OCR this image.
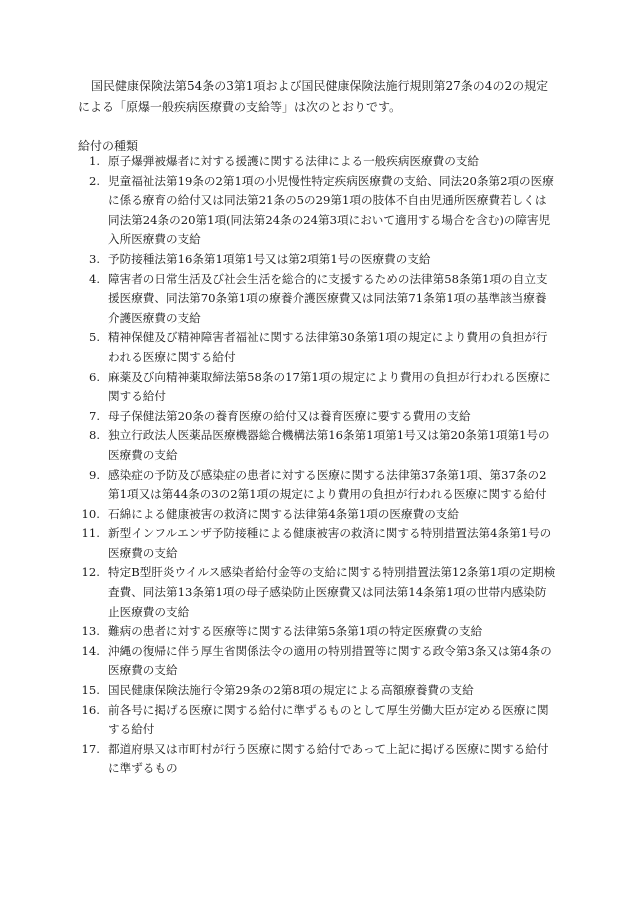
国民健康保険法第54条の3第1項および国民健康保険法施行規則第27条の4の2の規定による「原爆一般疾病医療費の支給等」は次のとおりです。

給付の種類

1. 原子爆弾被爆者に対する援護に関する法律による一般疾病医療費の支給
2. 児童福祉法第19条の2第1項の小児慢性特定疾病医療費の支給、同法20条第2項の医療に係る療育の給付又は同法第21条の5の29第1項の肢体不自由児通所医療費若しくは同法第24条の20第1項(同法第24条の24第3項において適用する場合を含む)の障害児入所医療費の支給
3. 予防接種法第16条第1項第1号又は第2項第1号の医療費の支給
4. 障害者の日常生活及び社会生活を総合的に支援するための法律第58条第1項の自立支援医療費、同法第70条第1項の療養介護医療費又は同法第71条第1項の基準該当療養介護医療費の支給
5. 精神保健及び精神障害者福祉に関する法律第30条第1項の規定により費用の負担が行われる医療に関する給付
6. 麻薬及び向精神薬取締法第58条の17第1項の規定により費用の負担が行われる医療に関する給付
7. 母子保健法第20条の養育医療の給付又は養育医療に要する費用の支給
8. 独立行政法人医薬品医療機器総合機構法第16条第1項第1号又は第20条第1項第1号の医療費の支給
9. 感染症の予防及び感染症の患者に対する医療に関する法律第37条第1項、第37条の2第1項又は第44条の3の2第1項の規定により費用の負担が行われる医療に関する給付
10. 石綿による健康被害の救済に関する法律第4条第1項の医療費の支給
11. 新型インフルエンザ予防接種による健康被害の救済に関する特別措置法第4条第1号の医療費の支給
12. 特定B型肝炎ウイルス感染者給付金等の支給に関する特別措置法第12条第1項の定期検査費、同法第13条第1項の母子感染防止医療費又は同法第14条第1項の世帯内感染防止医療費の支給
13. 難病の患者に対する医療等に関する法律第5条第1項の特定医療費の支給
14. 沖縄の復帰に伴う厚生省関係法令の適用の特別措置等に関する政令第3条又は第4条の医療費の支給
15. 国民健康保険法施行令第29条の2第8項の規定による高額療養費の支給
16. 前各号に掲げる医療に関する給付に準ずるものとして厚生労働大臣が定める医療に関する給付
17. 都道府県又は市町村が行う医療に関する給付であって上記に掲げる医療に関する給付に準ずるもの
